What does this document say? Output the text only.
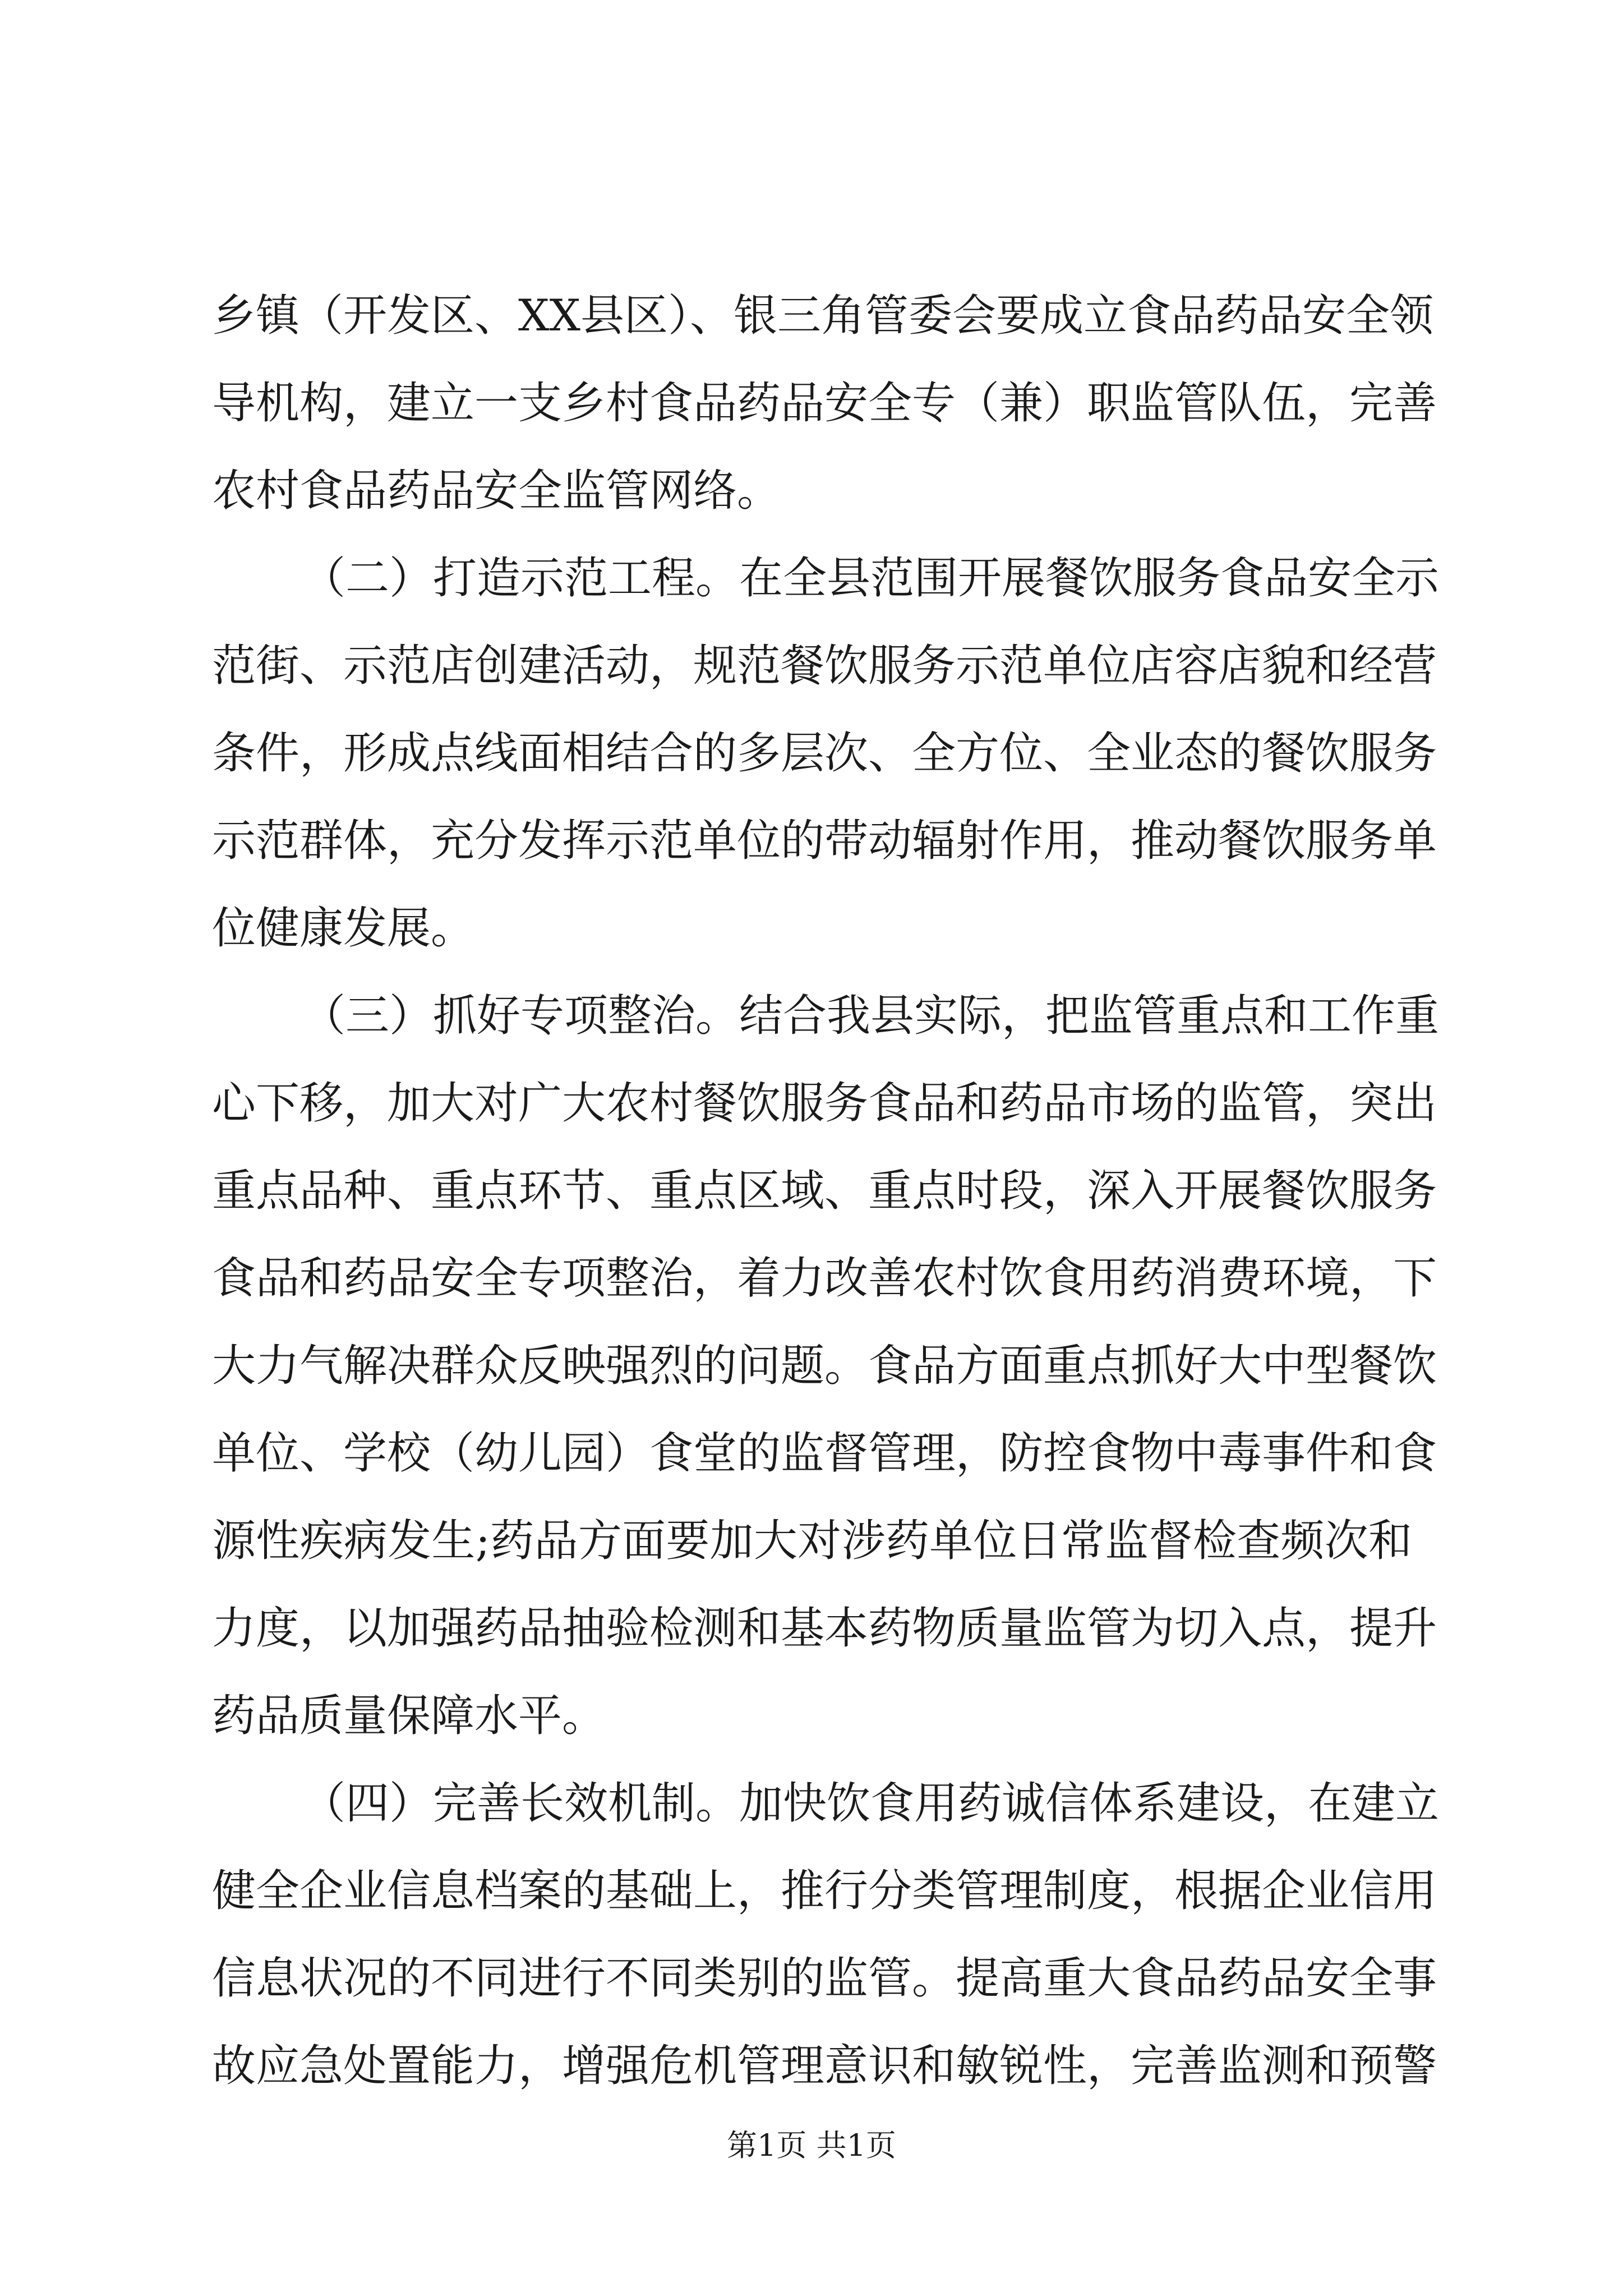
乡镇（开发区、XX县区）、银三角管委会要成立食品药品安全领
导机构，建立一支乡村食品药品安全专（兼）职监管队伍，完善
农村食品药品安全监管网络。
（二）打造示范工程。在全县范围开展餐饮服务食品安全示
范街、示范店创建活动，规范餐饮服务示范单位店容店貌和经营
条件，形成点线面相结合的多层次、全方位、全业态的餐饮服务
示范群体，充分发挥示范单位的带动辐射作用，推动餐饮服务单
位健康发展。
（三）抓好专项整治。结合我县实际，把监管重点和工作重
心下移，加大对广大农村餐饮服务食品和药品市场的监管，突出
重点品种、重点环节、重点区域、重点时段，深入开展餐饮服务
食品和药品安全专项整治，着力改善农村饮食用药消费环境，下
大力气解决群众反映强烈的问题。食品方面重点抓好大中型餐饮
单位、学校（幼儿园）食堂的监督管理，防控食物中毒事件和食
源性疾病发生;药品方面要加大对涉药单位日常监督检查频次和
力度，以加强药品抽验检测和基本药物质量监管为切入点，提升
药品质量保障水平。
（四）完善长效机制。加快饮食用药诚信体系建设，在建立
健全企业信息档案的基础上，推行分类管理制度，根据企业信用
信息状况的不同进行不同类别的监管。提高重大食品药品安全事
故应急处置能力，增强危机管理意识和敏锐性，完善监测和预警
第1页 共1页
